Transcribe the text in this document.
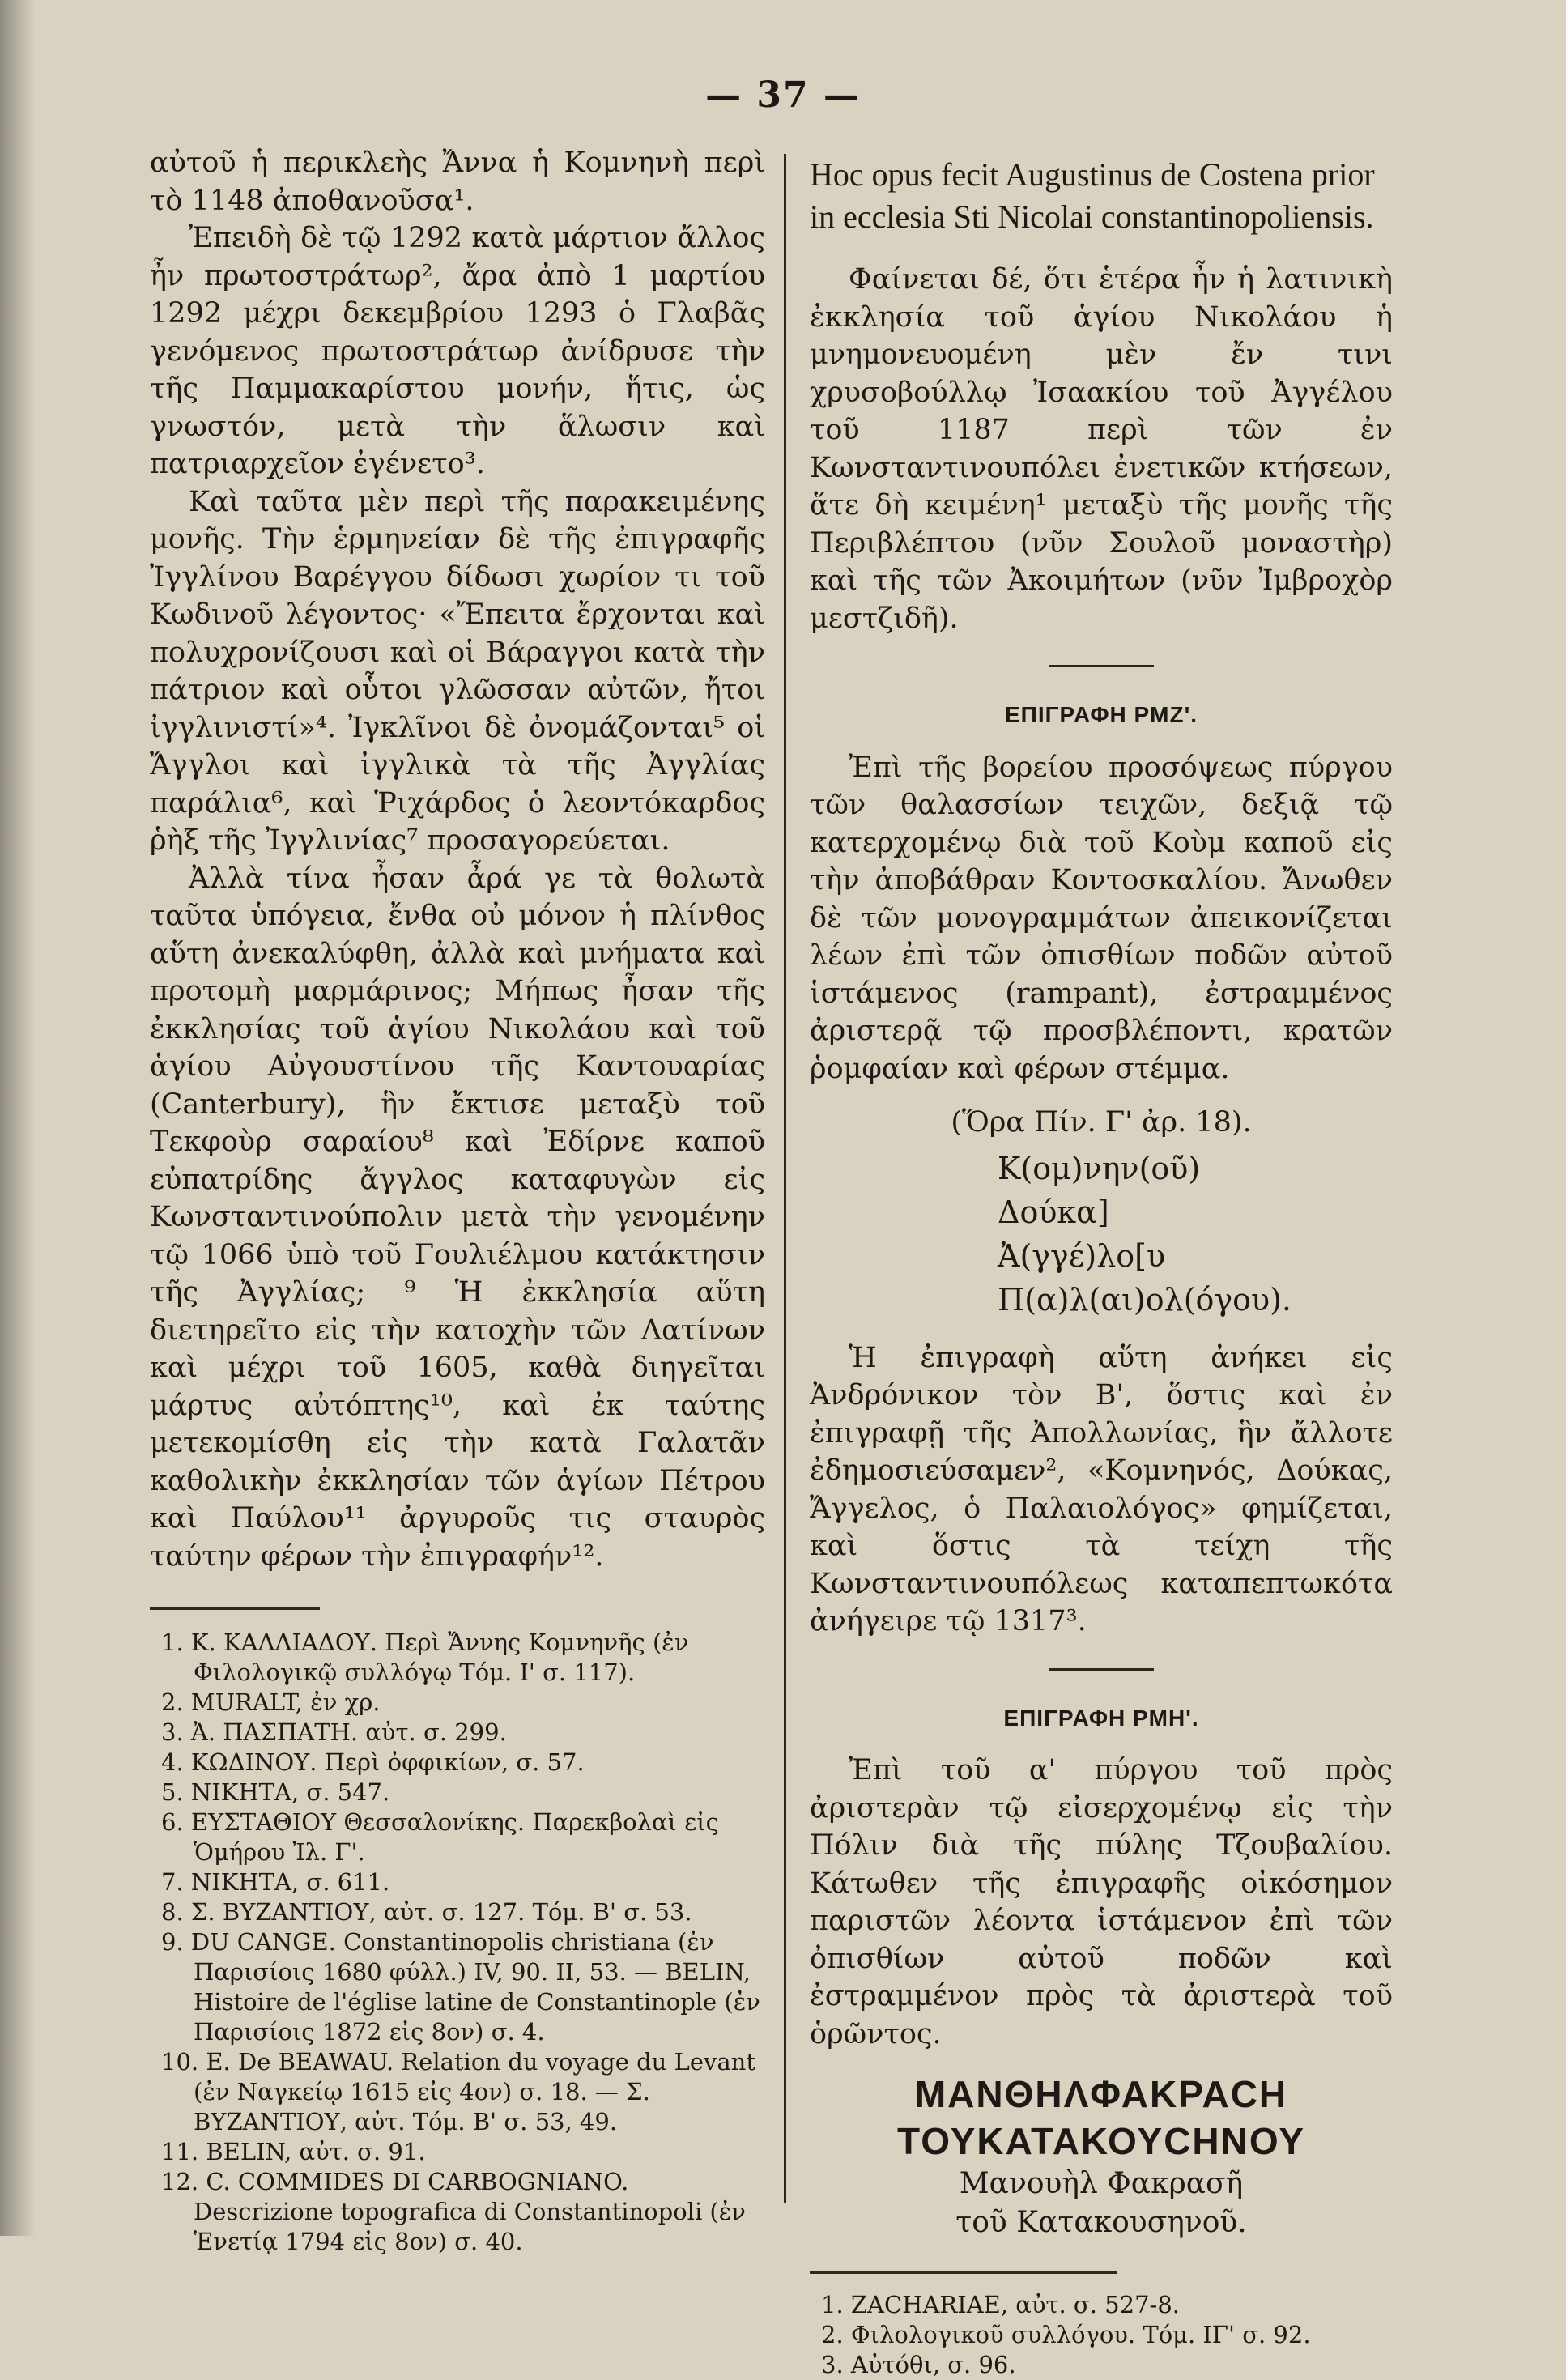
— 37 —

αὐτοῦ ἡ περικλεὴς Ἄννα ἡ Κομνηνὴ περὶ τὸ 1148 ἀποθανοῦσα¹.

Ἐπειδὴ δὲ τῷ 1292 κατὰ μάρτιον ἄλλος ἦν πρωτοστράτωρ², ἄρα ἀπὸ 1 μαρτίου 1292 μέχρι δεκεμβρίου 1293 ὁ Γλαβᾶς γενόμενος πρωτοστράτωρ ἀνίδρυσε τὴν τῆς Παμμακαρίστου μονήν, ἥτις, ὡς γνωστόν, μετὰ τὴν ἅλωσιν καὶ πατριαρχεῖον ἐγένετο³.

Καὶ ταῦτα μὲν περὶ τῆς παρακειμένης μονῆς. Τὴν ἑρμηνείαν δὲ τῆς ἐπιγραφῆς Ἰγγλίνου Βαρέγγου δίδωσι χωρίον τι τοῦ Κωδινοῦ λέγοντος· «Ἔπειτα ἔρχονται καὶ πολυχρονίζουσι καὶ οἱ Βάραγγοι κατὰ τὴν πάτριον καὶ οὗτοι γλῶσσαν αὐτῶν, ἤτοι ἰγγλινιστί»⁴. Ἰγκλῖνοι δὲ ὀνομάζονται⁵ οἱ Ἄγγλοι καὶ ἰγγλικὰ τὰ τῆς Ἀγγλίας παράλια⁶, καὶ Ῥιχάρδος ὁ λεοντόκαρδος ῥὴξ τῆς Ἰγγλινίας⁷ προσαγορεύεται.

Ἀλλὰ τίνα ἦσαν ἆρά γε τὰ θολωτὰ ταῦτα ὑπόγεια, ἔνθα οὐ μόνον ἡ πλίνθος αὕτη ἀνεκαλύφθη, ἀλλὰ καὶ μνήματα καὶ προτομὴ μαρμάρινος; Μήπως ἦσαν τῆς ἐκκλησίας τοῦ ἁγίου Νικολάου καὶ τοῦ ἁγίου Αὐγουστίνου τῆς Καντουαρίας (Canterbury), ἣν ἔκτισε μεταξὺ τοῦ Τεκφοὺρ σαραίου⁸ καὶ Ἐδίρνε καποῦ εὐπατρίδης ἄγγλος καταφυγὼν εἰς Κωνσταντινούπολιν μετὰ τὴν γενομένην τῷ 1066 ὑπὸ τοῦ Γουλιέλμου κατάκτησιν τῆς Ἀγγλίας; ⁹ Ἡ ἐκκλησία αὕτη διετηρεῖτο εἰς τὴν κατοχὴν τῶν Λατίνων καὶ μέχρι τοῦ 1605, καθὰ διηγεῖται μάρτυς αὐτόπτης¹⁰, καὶ ἐκ ταύτης μετεκομίσθη εἰς τὴν κατὰ Γαλατᾶν καθολικὴν ἐκκλησίαν τῶν ἁγίων Πέτρου καὶ Παύλου¹¹ ἀργυροῦς τις σταυρὸς ταύτην φέρων τὴν ἐπιγραφήν¹².

1. Κ. ΚΑΛΛΙΑΔΟΥ. Περὶ Ἄννης Κομνηνῆς (ἐν Φιλολογικῷ συλλόγῳ Τόμ. Ι' σ. 117).

2. MURALT, ἐν χρ.

3. Ἀ. ΠΑΣΠΑΤΗ. αὐτ. σ. 299.

4. ΚΩΔΙΝΟΥ. Περὶ ὀφφικίων, σ. 57.

5. ΝΙΚΗΤΑ, σ. 547.

6. ΕΥΣΤΑΘΙΟΥ Θεσσαλονίκης. Παρεκβολαὶ εἰς Ὁμήρου Ἰλ. Γ'.

7. ΝΙΚΗΤΑ, σ. 611.

8. Σ. ΒΥΖΑΝΤΙΟΥ, αὐτ. σ. 127. Τόμ. Β' σ. 53.

9. DU CANGE. Constantinopolis christiana (ἐν Παρισίοις 1680 φύλλ.) IV, 90. II, 53. — BELIN, Histoire de l'église latine de Constantinople (ἐν Παρισίοις 1872 εἰς 8ον) σ. 4.

10. E. De BEAWAU. Relation du voyage du Levant (ἐν Ναγκείῳ 1615 εἰς 4ον) σ. 18. — Σ. ΒΥΖΑΝΤΙΟΥ, αὐτ. Τόμ. Β' σ. 53, 49.

11. BELIN, αὐτ. σ. 91.

12. C. COMMIDES DI CARBOGNIANO. Descrizione topografica di Constantinopoli (ἐν Ἑνετίᾳ 1794 εἰς 8ον) σ. 40.

Hoc opus fecit Augustinus de Costena prior in ecclesia Sti Nicolai constantinopoliensis.

Φαίνεται δέ, ὅτι ἑτέρα ἦν ἡ λατινικὴ ἐκκλησία τοῦ ἁγίου Νικολάου ἡ μνημονευομένη μὲν ἔν τινι χρυσοβούλλῳ Ἰσαακίου τοῦ Ἀγγέλου τοῦ 1187 περὶ τῶν ἐν Κωνσταντινουπόλει ἐνετικῶν κτήσεων, ἅτε δὴ κειμένη¹ μεταξὺ τῆς μονῆς τῆς Περιβλέπτου (νῦν Σουλοῦ μοναστὴρ) καὶ τῆς τῶν Ἀκοιμήτων (νῦν Ἰμβροχὸρ μεστζιδῆ).

ΕΠΙΓΡΑΦΗ ΡΜΖ'.

Ἐπὶ τῆς βορείου προσόψεως πύργου τῶν θαλασσίων τειχῶν, δεξιᾷ τῷ κατερχομένῳ διὰ τοῦ Κοὺμ καποῦ εἰς τὴν ἀποβάθραν Κοντοσκαλίου. Ἄνωθεν δὲ τῶν μονογραμμάτων ἀπεικονίζεται λέων ἐπὶ τῶν ὀπισθίων ποδῶν αὐτοῦ ἱστάμενος (rampant), ἐστραμμένος ἀριστερᾷ τῷ προσβλέποντι, κρατῶν ῥομφαίαν καὶ φέρων στέμμα.

(Ὅρα Πίν. Γ' ἀρ. 18).
Κ(ομ)νην(οῦ)
Δούκα]
Ἀ(γγέ)λο[υ
Π(α)λ(αι)ολ(όγου).

Ἡ ἐπιγραφὴ αὕτη ἀνήκει εἰς Ἀνδρόνικον τὸν Β', ὅστις καὶ ἐν ἐπιγραφῇ τῆς Ἀπολλωνίας, ἣν ἄλλοτε ἐδημοσιεύσαμεν², «Κομνηνός, Δούκας, Ἄγγελος, ὁ Παλαιολόγος» φημίζεται, καὶ ὅστις τὰ τείχη τῆς Κωνσταντινουπόλεως καταπεπτωκότα ἀνήγειρε τῷ 1317³.

ΕΠΙΓΡΑΦΗ ΡΜΗ'.

Ἐπὶ τοῦ α' πύργου τοῦ πρὸς ἀριστερὰν τῷ εἰσερχομένῳ εἰς τὴν Πόλιν διὰ τῆς πύλης Τζουβαλίου. Κάτωθεν τῆς ἐπιγραφῆς οἰκόσημον παριστῶν λέοντα ἱστάμενον ἐπὶ τῶν ὀπισθίων αὐτοῦ ποδῶν καὶ ἐστραμμένον πρὸς τὰ ἀριστερὰ τοῦ ὁρῶντος.

ΜΑΝΘΗΛΦΑΚΡΑϹΗ
ΤΟΥΚΑΤΑΚΟΥϹΗΝΟΥ
Μανουὴλ Φακρασῆ
τοῦ Κατακουσηνοῦ.

1. ZACHARIAE, αὐτ. σ. 527-8.

2. Φιλολογικοῦ συλλόγου. Τόμ. ΙΓ' σ. 92.

3. Αὐτόθι, σ. 96.
